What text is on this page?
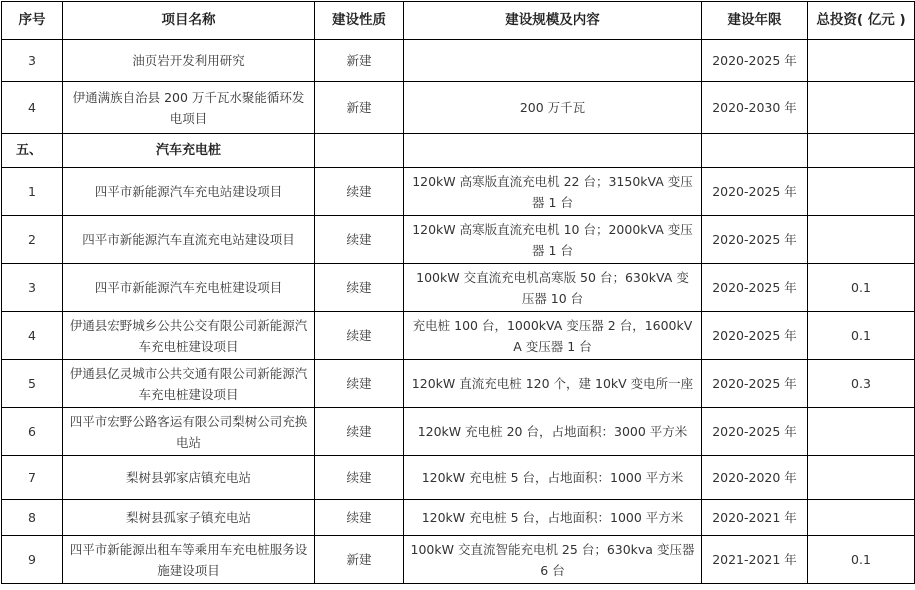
序号	项目名称	建设性质	建设规模及内容	建设年限	总投资( 亿元 )
3	油页岩开发利用研究	新建		2020-2025 年	
4	伊通满族自治县 200 万千瓦水聚能循环发电项目	新建	200 万千瓦	2020-2030 年	
五、	汽车充电桩				
1	四平市新能源汽车充电站建设项目	续建	120kW 高寒版直流充电机 22 台；3150kVA 变压器 1 台	2020-2025 年	
2	四平市新能源汽车直流充电站建设项目	续建	120kW 高寒版直流充电机 10 台；2000kVA 变压器 1 台	2020-2025 年	
3	四平市新能源汽车充电桩建设项目	续建	100kW 交直流充电机高寒版 50 台；630kVA 变压器 10 台	2020-2025 年	0.1
4	伊通县宏野城乡公共公交有限公司新能源汽车充电桩建设项目	续建	充电桩 100 台，1000kVA 变压器 2 台，1600kVA 变压器 1 台	2020-2025 年	0.1
5	伊通县亿灵城市公共交通有限公司新能源汽车充电桩建设项目	续建	120kW 直流充电桩 120 个，建 10kV 变电所一座	2020-2025 年	0.3
6	四平市宏野公路客运有限公司梨树公司充换电站	续建	120kW 充电桩 20 台，占地面积：3000 平方米	2020-2025 年	
7	梨树县郭家店镇充电站	续建	120kW 充电桩 5 台，占地面积：1000 平方米	2020-2020 年	
8	梨树县孤家子镇充电站	续建	120kW 充电桩 5 台，占地面积：1000 平方米	2020-2021 年	
9	四平市新能源出租车等乘用车充电桩服务设施建设项目	新建	100kW 交直流智能充电机 25 台；630kva 变压器 6 台	2021-2021 年	0.1
